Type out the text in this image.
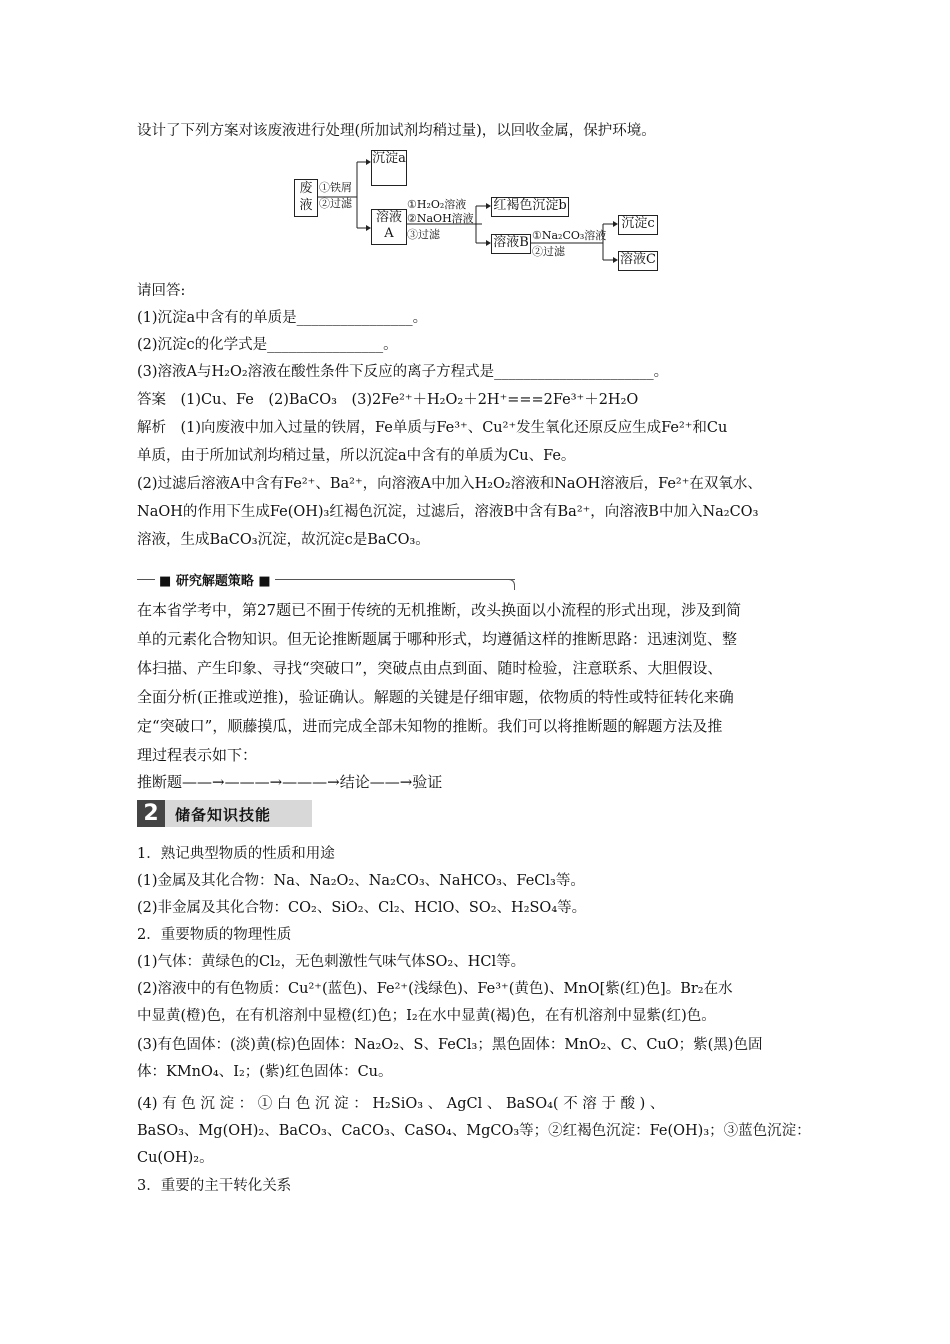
设计了下列方案对该废液进行处理(所加试剂均稍过量)，以回收金属，保护环境。
废液
①铁屑
②过滤
沉淀a
溶液A
①H₂O₂溶液
②NaOH溶液
③过滤
红褐色沉淀b
溶液B ①Na₂CO₃溶液
②过滤
沉淀c
溶液C
请回答:
(1)沉淀a中含有的单质是________________。
(2)沉淀c的化学式是________________。
(3)溶液A与H₂O₂溶液在酸性条件下反应的离子方程式是______________________。
答案　(1)Cu、Fe　(2)BaCO₃　(3)2Fe²⁺＋H₂O₂＋2H⁺===2Fe³⁺＋2H₂O
解析　(1)向废液中加入过量的铁屑，Fe单质与Fe³⁺、Cu²⁺发生氧化还原反应生成Fe²⁺和Cu
单质，由于所加试剂均稍过量，所以沉淀a中含有的单质为Cu、Fe。
(2)过滤后溶液A中含有Fe²⁺、Ba²⁺，向溶液A中加入H₂O₂溶液和NaOH溶液后，Fe²⁺在双氧水、
NaOH的作用下生成Fe(OH)₃红褐色沉淀，过滤后，溶液B中含有Ba²⁺，向溶液B中加入Na₂CO₃
溶液，生成BaCO₃沉淀，故沉淀c是BaCO₃。
■ 研究解题策略 ■
在本省学考中，第27题已不囿于传统的无机推断，改头换面以小流程的形式出现，涉及到简
单的元素化合物知识。但无论推断题属于哪种形式，均遵循这样的推断思路：迅速浏览、整
体扫描、产生印象、寻找“突破口”，突破点由点到面、随时检验，注意联系、大胆假设、
全面分析(正推或逆推)，验证确认。解题的关键是仔细审题，依物质的特性或特征转化来确
定“突破口”，顺藤摸瓜，进而完成全部未知物的推断。我们可以将推断题的解题方法及推
理过程表示如下：
推断题——→———→———→结论——→验证
2	储备知识技能
1．熟记典型物质的性质和用途
(1)金属及其化合物：Na、Na₂O₂、Na₂CO₃、NaHCO₃、FeCl₃等。
(2)非金属及其化合物：CO₂、SiO₂、Cl₂、HClO、SO₂、H₂SO₄等。
2．重要物质的物理性质
(1)气体：黄绿色的Cl₂，无色刺激性气味气体SO₂、HCl等。
(2)溶液中的有色物质：Cu²⁺(蓝色)、Fe²⁺(浅绿色)、Fe³⁺(黄色)、MnO[紫(红)色]。Br₂在水
中显黄(橙)色，在有机溶剂中显橙(红)色；I₂在水中显黄(褐)色，在有机溶剂中显紫(红)色。
(3)有色固体：(淡)黄(棕)色固体：Na₂O₂、S、FeCl₃；黑色固体：MnO₂、C、CuO；紫(黑)色固
体：KMnO₄、I₂；(紫)红色固体：Cu。
(4) 有 色 沉 淀 ： ① 白 色 沉 淀 ： H₂SiO₃ 、 AgCl 、 BaSO₄( 不 溶 于 酸 ) 、
BaSO₃、Mg(OH)₂、BaCO₃、CaCO₃、CaSO₄、MgCO₃等；②红褐色沉淀：Fe(OH)₃；③蓝色沉淀：
Cu(OH)₂。
3．重要的主干转化关系
